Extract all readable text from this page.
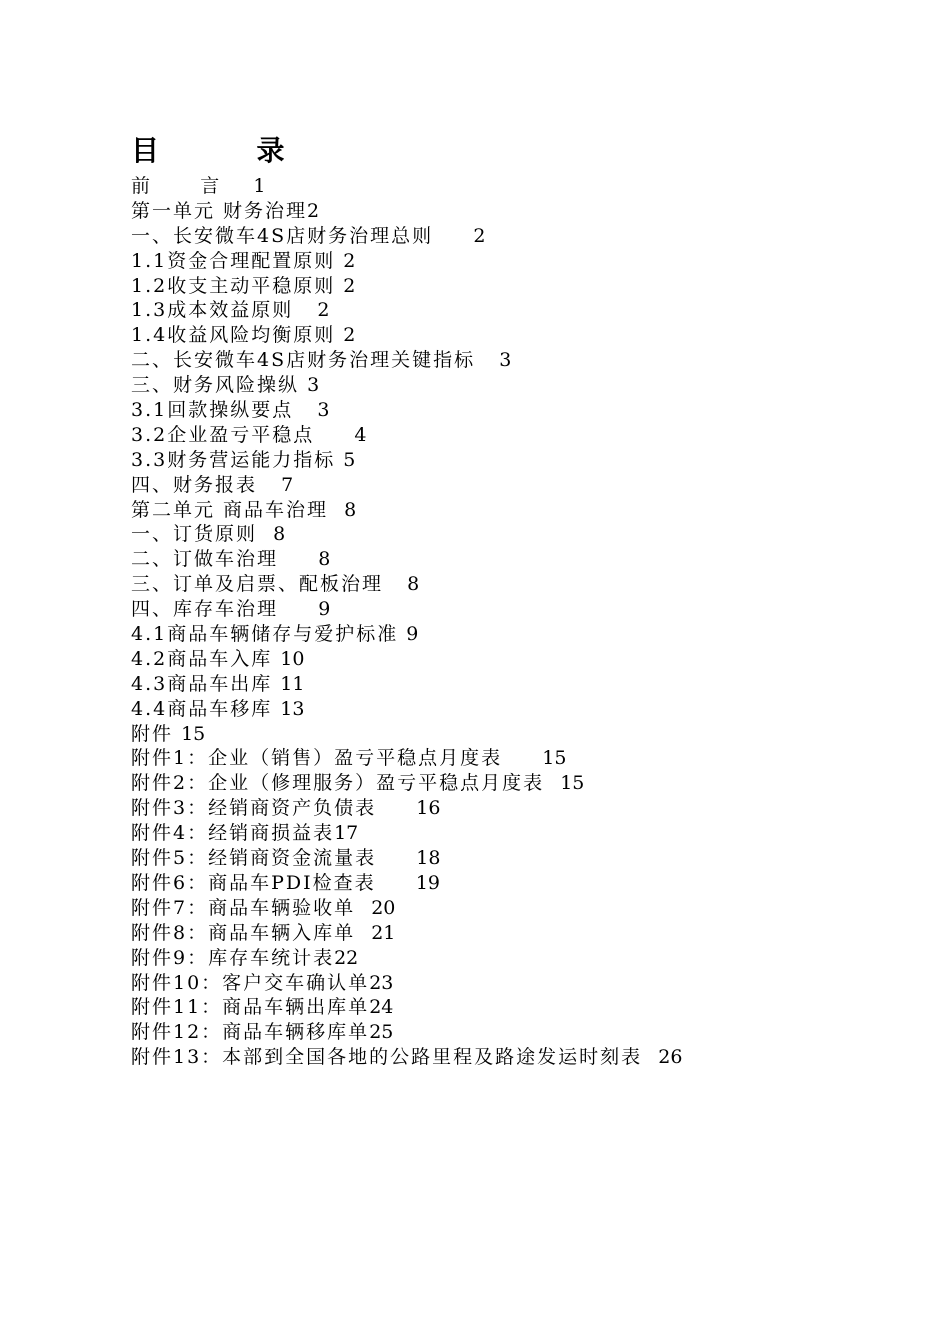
目          录
前      言 1
第一单元 财务治理2
一、长安微车4S店财务治理总则 2
1.1资金合理配置原则 2
1.2收支主动平稳原则 2
1.3成本效益原则 2
1.4收益风险均衡原则 2
二、长安微车4S店财务治理关键指标 3
三、财务风险操纵 3
3.1回款操纵要点 3
3.2企业盈亏平稳点 4
3.3财务营运能力指标 5
四、财务报表 7
第二单元 商品车治理 8
一、订货原则 8
二、订做车治理 8
三、订单及启票、配板治理 8
四、库存车治理 9
4.1商品车辆储存与爱护标准 9
4.2商品车入库 10
4.3商品车出库 11
4.4商品车移库 13
附件 15
附件1：企业（销售）盈亏平稳点月度表 15
附件2：企业（修理服务）盈亏平稳点月度表 15
附件3：经销商资产负债表 16
附件4：经销商损益表17
附件5：经销商资金流量表 18
附件6：商品车PDI检查表 19
附件7：商品车辆验收单 20
附件8：商品车辆入库单 21
附件9：库存车统计表22
附件10：客户交车确认单23
附件11：商品车辆出库单24
附件12：商品车辆移库单25
附件13：本部到全国各地的公路里程及路途发运时刻表 26
